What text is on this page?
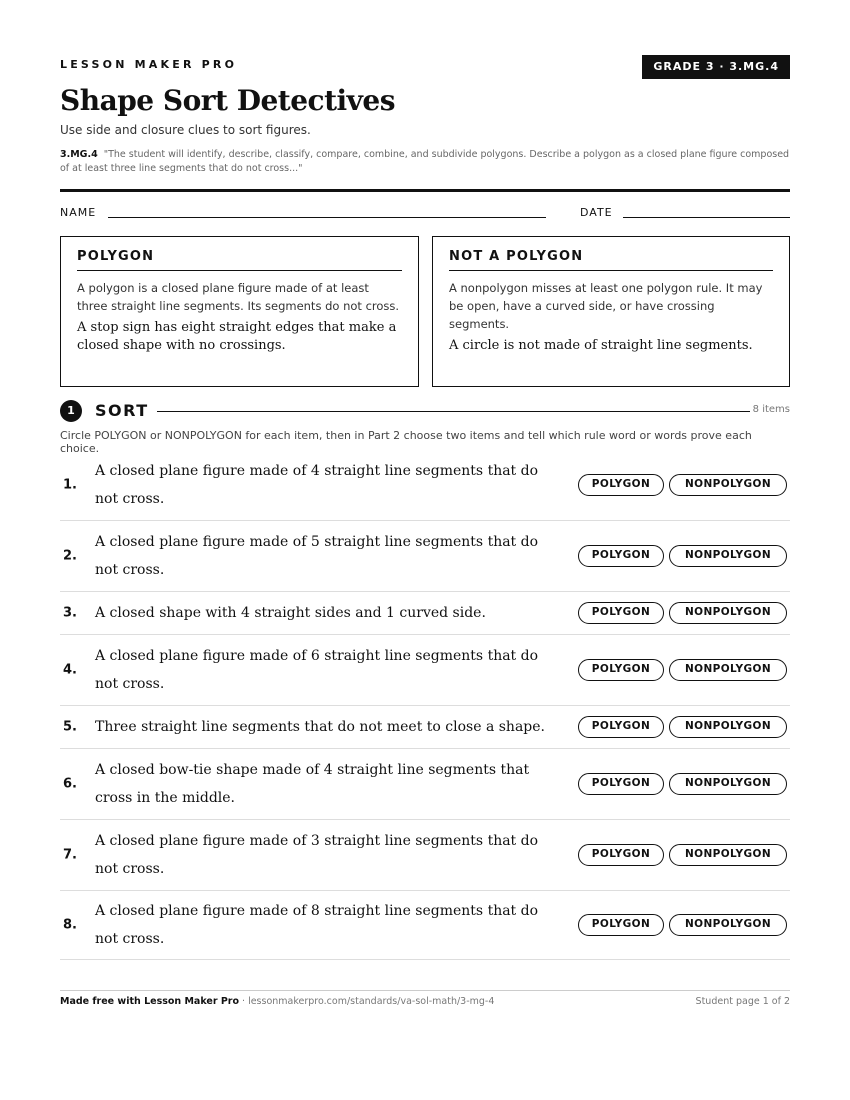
LESSON MAKER PRO	GRADE 3 · 3.MG.4
Shape Sort Detectives

Use side and closure clues to sort figures.

3.MG.4 "The student will identify, describe, classify, compare, combine, and subdivide polygons. Describe a polygon as a closed plane figure composed of at least three line segments that do not cross..."

NAME	DATE
POLYGON

A polygon is a closed plane figure made of at least three straight line segments. Its segments do not cross.

A stop sign has eight straight edges that make a closed shape with no crossings.

NOT A POLYGON

A nonpolygon misses at least one polygon rule. It may be open, have a curved side, or have crossing segments.

A circle is not made of straight line segments.

1	SORT	8 items

Circle POLYGON or NONPOLYGON for each item, then in Part 2 choose two items and tell which rule word or words prove each choice.

1.
A closed plane figure made of 4 straight line segments that do not cross.
POLYGON	NONPOLYGON
2.
A closed plane figure made of 5 straight line segments that do not cross.
POLYGON	NONPOLYGON
3. A closed shape with 4 straight sides and 1 curved side.	POLYGON	NONPOLYGON
4.
A closed plane figure made of 6 straight line segments that do not cross.
POLYGON	NONPOLYGON
5. Three straight line segments that do not meet to close a shape.	POLYGON	NONPOLYGON
6.
A closed bow-tie shape made of 4 straight line segments that cross in the middle.
POLYGON	NONPOLYGON
7.
A closed plane figure made of 3 straight line segments that do not cross.
POLYGON	NONPOLYGON
8.
A closed plane figure made of 8 straight line segments that do not cross.
POLYGON	NONPOLYGON

Made free with Lesson Maker Pro · lessonmakerpro.com/standards/va-sol-math/3-mg-4	Student page 1 of 2
